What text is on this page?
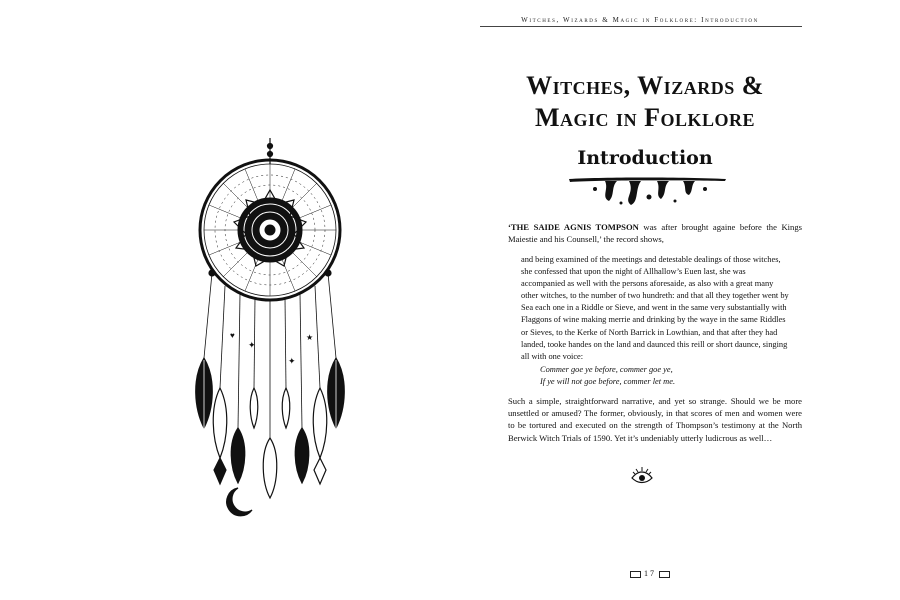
✦
✦
♥	★
Witches, Wizards & Magic in Folklore: Introduction
Witches, Wizards &
Magic in Folklore
Introduction
‘THE SAIDE AGNIS TOMPSON was after brought againe before the Kings Maiestie and his Counsell,’ the record shows,
and being examined of the meetings and detestable dealings of those witches, she confessed that upon the night of Allhallow’s Euen last, she was accompanied as well with the persons aforesaide, as also with a great many other witches, to the number of two hundreth: and that all they together went by Sea each one in a Riddle or Sieve, and went in the same very substantially with Flaggons of wine making merrie and drinking by the waye in the same Riddles or Sieves, to the Kerke of North Barrick in Lowthian, and that after they had landed, tooke handes on the land and daunced this reill or short daunce, singing all with one voice:
Commer goe ye before, commer goe ye,
If ye will not goe before, commer let me.
Such a simple, straightforward narrative, and yet so strange. Should we be more unsettled or amused? The former, obviously, in that scores of men and women were to be tortured and executed on the strength of Thompson’s testimony at the North Berwick Witch Trials of 1590. Yet it’s undeniably utterly ludicrous as well…
17
